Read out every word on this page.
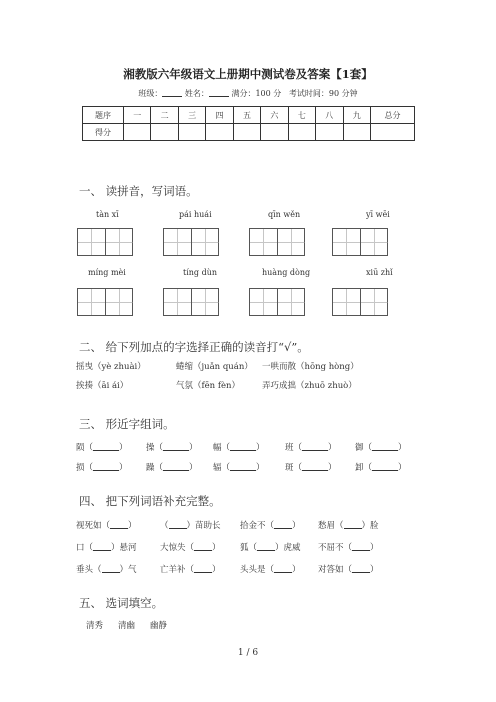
湘教版六年级语文上册期中测试卷及答案【1套】
班级：	姓名：	满分：100 分 考试时间：90 分钟
题序	一	二	三	四	五	六	七	八	九	总分
得分										
一、 读拼音，写词语。
tàn xī	pái huái	qīn wěn	yī wēi
míng mèi	tíng dùn	huàng dòng	xiū zhǐ
二、 给下列加点的字选择正确的读音打“√”。
摇曳（yè zhuài）	蜷缩（juǎn quán） 一哄而散（hōng hòng）
挨揍（āi ái）	气氛（fēn fèn）	弄巧成拙（zhuō zhuò）
三、 形近字组词。
陨（	） 操（	） 幅（	） 班（	） 御（	）
损（	） 躁（	） 辐（	） 斑（	） 卸（	）
四、 把下列词语补充完整。
视死如（ ）	（ ）苗助长 拾金不（ ） 愁眉（ ）脸
口（ ）悬河	大惊失（ ） 狐（ ）虎威 不屈不（ ）
垂头（ ）气	亡羊补（ ） 头头是（ ） 对答如（ ）
五、 选词填空。
清秀 清幽 幽静
1 / 6
